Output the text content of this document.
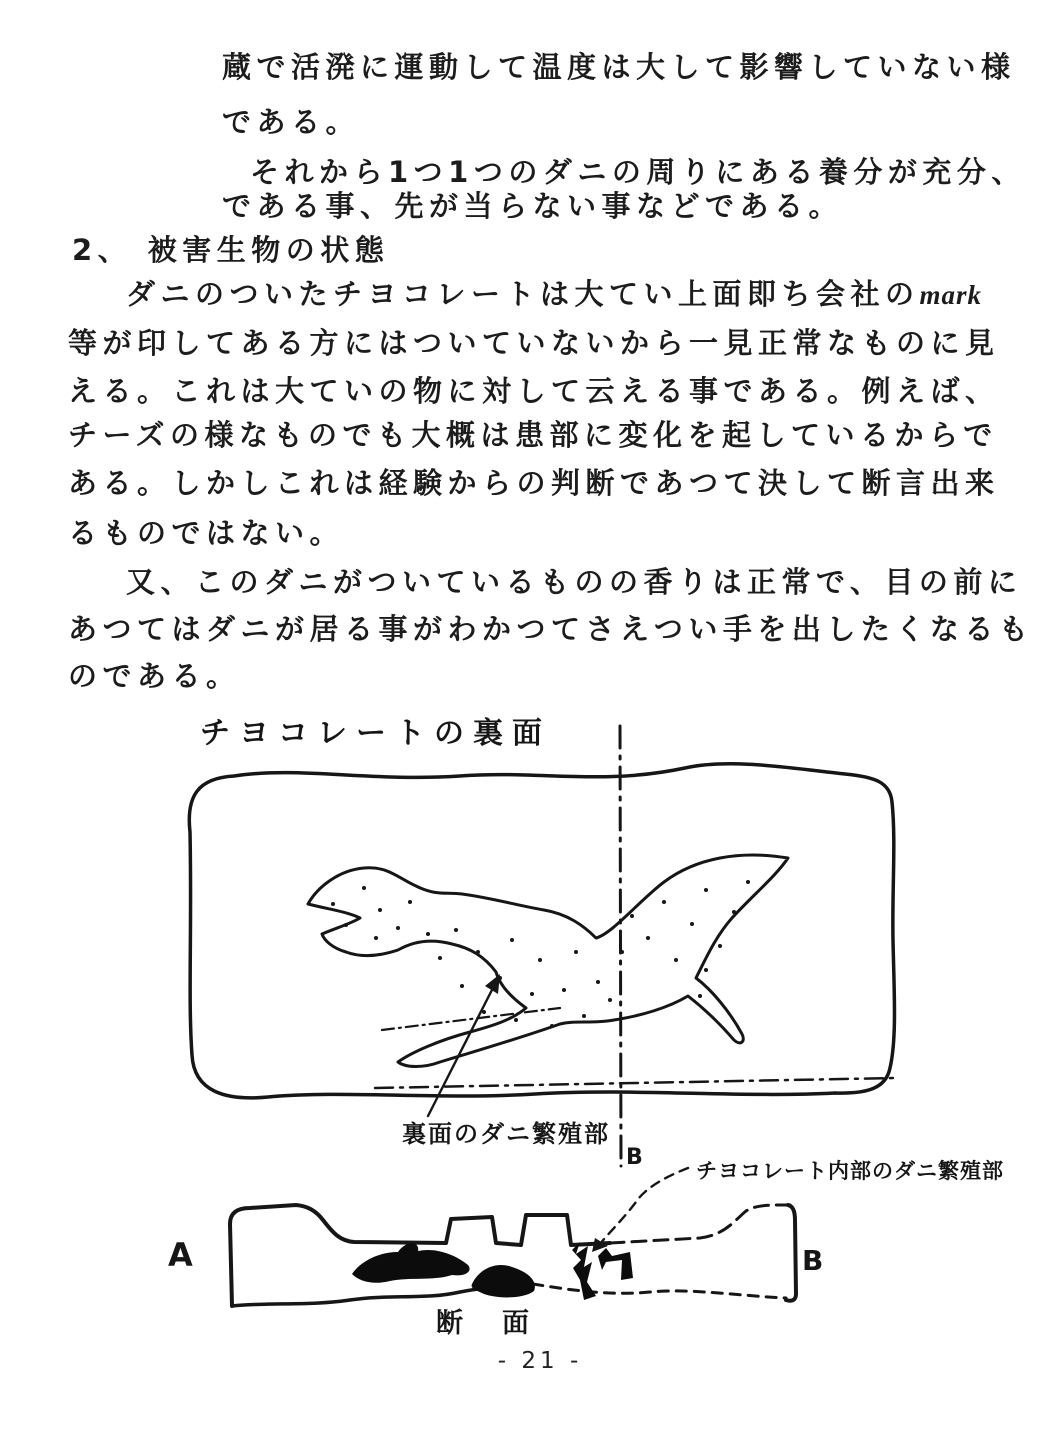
蔵で活溌に運動して温度は大して影響していない様
である。
それから1つ1つのダニの周りにある養分が充分、
である事、先が当らない事などである。
2、 被害生物の状態
ダニのついたチヨコレートは大てい上面即ち会社のmark
等が印してある方にはついていないから一見正常なものに見
える。これは大ていの物に対して云える事である。例えば、
チーズの様なものでも大概は患部に変化を起しているからで
ある。しかしこれは経験からの判断であつて決して断言出来
るものではない。
又、このダニがついているものの香りは正常で、目の前に
あつてはダニが居る事がわかつてさえつい手を出したくなるも
のである。
チヨコレートの裏面
裏面のダニ繁殖部
B
チヨコレート内部のダニ繁殖部
A	B
断　面
- 21 -
